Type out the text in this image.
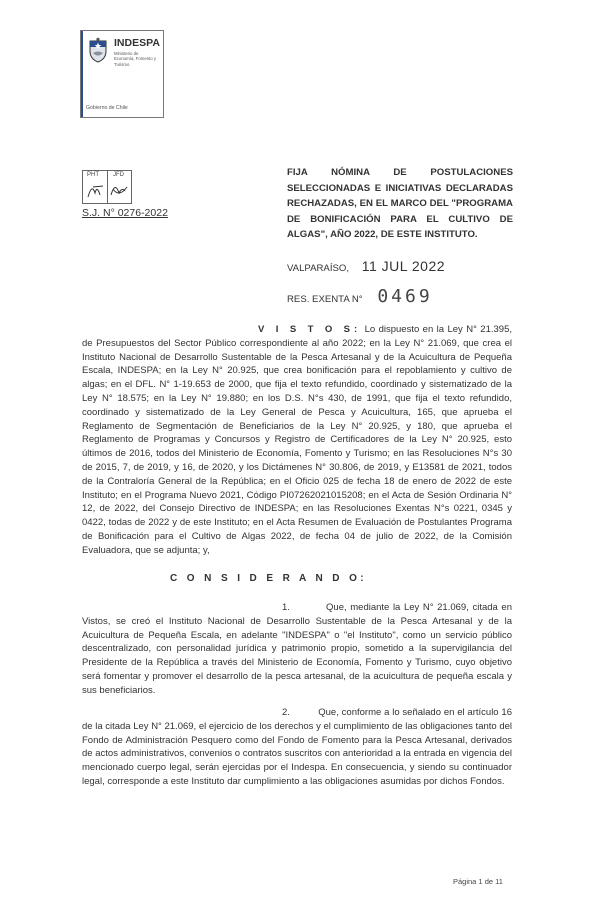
INDESPA
Ministerio de Economía, Fomento y Turismo
Gobierno de Chile
PHT JFD
S.J. N° 0276-2022
FIJA NÓMINA DE POSTULACIONES SELECCIONADAS E INICIATIVAS DECLARADAS RECHAZADAS, EN EL MARCO DEL "PROGRAMA DE BONIFICACIÓN PARA EL CULTIVO DE ALGAS", AÑO 2022, DE ESTE INSTITUTO.
VALPARAÍSO, 11 JUL 2022
RES. EXENTA N° 0469
V I S T O S: Lo dispuesto en la Ley N° 21.395, de Presupuestos del Sector Público correspondiente al año 2022; en la Ley N° 21.069, que crea el Instituto Nacional de Desarrollo Sustentable de la Pesca Artesanal y de la Acuicultura de Pequeña Escala, INDESPA; en la Ley N° 20.925, que crea bonificación para el repoblamiento y cultivo de algas; en el DFL. N° 1-19.653 de 2000, que fija el texto refundido, coordinado y sistematizado de la Ley N° 18.575; en la Ley N° 19.880; en los D.S. N°s 430, de 1991, que fija el texto refundido, coordinado y sistematizado de la Ley General de Pesca y Acuicultura, 165, que aprueba el Reglamento de Segmentación de Beneficiarios de la Ley N° 20.925, y 180, que aprueba el Reglamento de Programas y Concursos y Registro de Certificadores de la Ley N° 20.925, esto últimos de 2016, todos del Ministerio de Economía, Fomento y Turismo; en las Resoluciones N°s 30 de 2015, 7, de 2019, y 16, de 2020, y los Dictámenes N° 30.806, de 2019, y E13581 de 2021, todos de la Contraloría General de la República; en el Oficio 025 de fecha 18 de enero de 2022 de este Instituto; en el Programa Nuevo 2021, Código PI07262021015208; en el Acta de Sesión Ordinaria N° 12, de 2022, del Consejo Directivo de INDESPA; en las Resoluciones Exentas N°s 0221, 0345 y 0422, todas de 2022 y de este Instituto; en el Acta Resumen de Evaluación de Postulantes Programa de Bonificación para el Cultivo de Algas 2022, de fecha 04 de julio de 2022, de la Comisión Evaluadora, que se adjunta; y,
C O N S I D E R A N D O:
1.	Que, mediante la Ley N° 21.069, citada en Vistos, se creó el Instituto Nacional de Desarrollo Sustentable de la Pesca Artesanal y de la Acuicultura de Pequeña Escala, en adelante "INDESPA" o "el Instituto", como un servicio público descentralizado, con personalidad jurídica y patrimonio propio, sometido a la supervigilancia del Presidente de la República a través del Ministerio de Economía, Fomento y Turismo, cuyo objetivo será fomentar y promover el desarrollo de la pesca artesanal, de la acuicultura de pequeña escala y sus beneficiarios.
2.	Que, conforme a lo señalado en el artículo 16 de la citada Ley N° 21.069, el ejercicio de los derechos y el cumplimiento de las obligaciones tanto del Fondo de Administración Pesquero como del Fondo de Fomento para la Pesca Artesanal, derivados de actos administrativos, convenios o contratos suscritos con anterioridad a la entrada en vigencia del mencionado cuerpo legal, serán ejercidas por el Indespa. En consecuencia, y siendo su continuador legal, corresponde a este Instituto dar cumplimiento a las obligaciones asumidas por dichos Fondos.
Página 1 de 11
